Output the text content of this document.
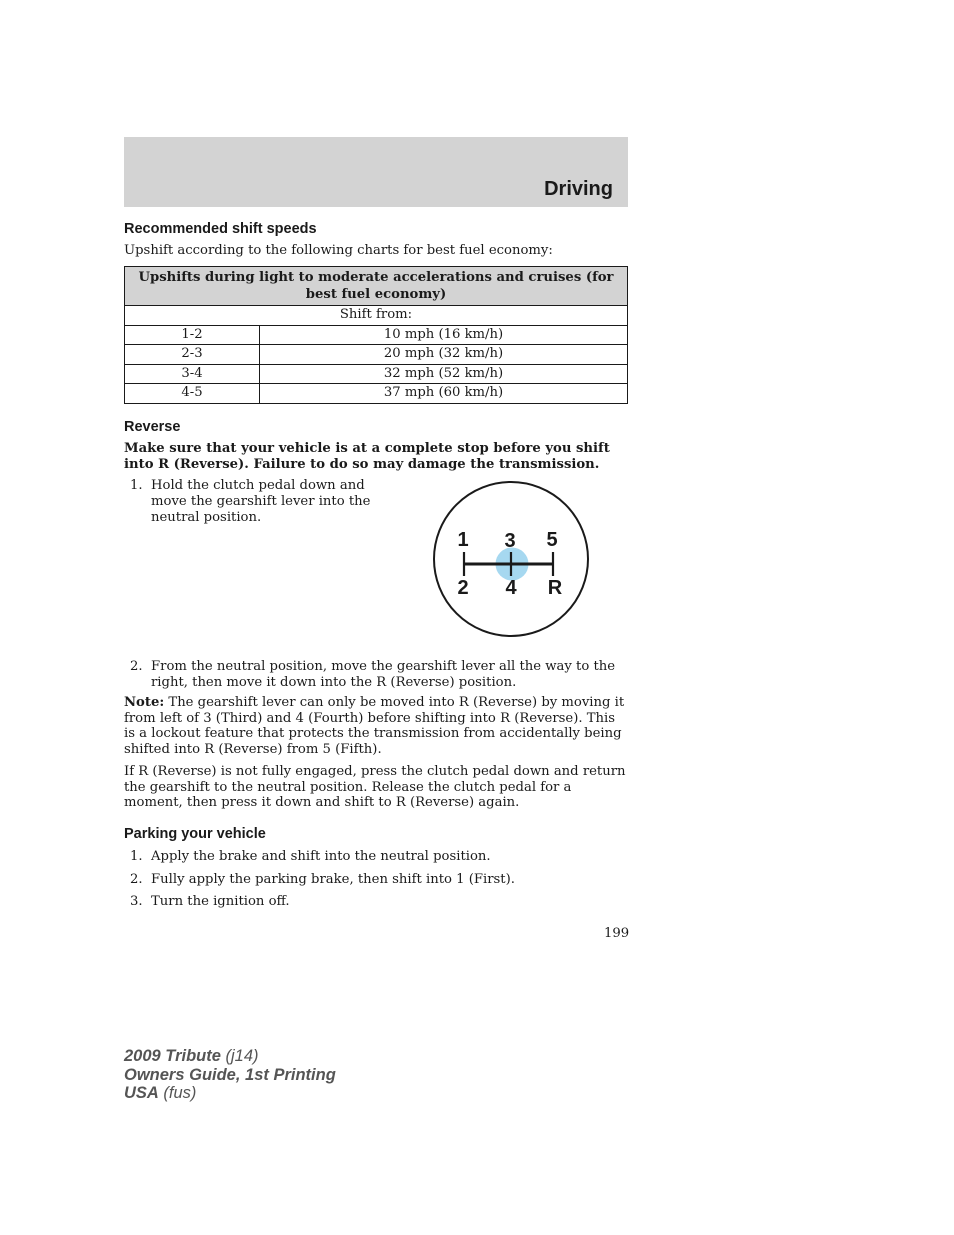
Driving
Recommended shift speeds
Upshift according to the following charts for best fuel economy:
Upshifts during light to moderate accelerations and cruises (for best fuel economy)	
Shift from:	
1-2	10 mph (16 km/h)
2-3	20 mph (32 km/h)
3-4	32 mph (52 km/h)
4-5	37 mph (60 km/h)
Reverse
Make sure that your vehicle is at a complete stop before you shift into R (Reverse). Failure to do so may damage the transmission.
1. Hold the clutch pedal down and move the gearshift lever into the neutral position.
1 3 5
2 4 R
2. From the neutral position, move the gearshift lever all the way to the right, then move it down into the R (Reverse) position.
Note: The gearshift lever can only be moved into R (Reverse) by moving it from left of 3 (Third) and 4 (Fourth) before shifting into R (Reverse). This is a lockout feature that protects the transmission from accidentally being shifted into R (Reverse) from 5 (Fifth).
If R (Reverse) is not fully engaged, press the clutch pedal down and return the gearshift to the neutral position. Release the clutch pedal for a moment, then press it down and shift to R (Reverse) again.
Parking your vehicle
1. Apply the brake and shift into the neutral position.
2. Fully apply the parking brake, then shift into 1 (First).
3. Turn the ignition off.
199
2009 Tribute (j14)
Owners Guide, 1st Printing
USA (fus)
